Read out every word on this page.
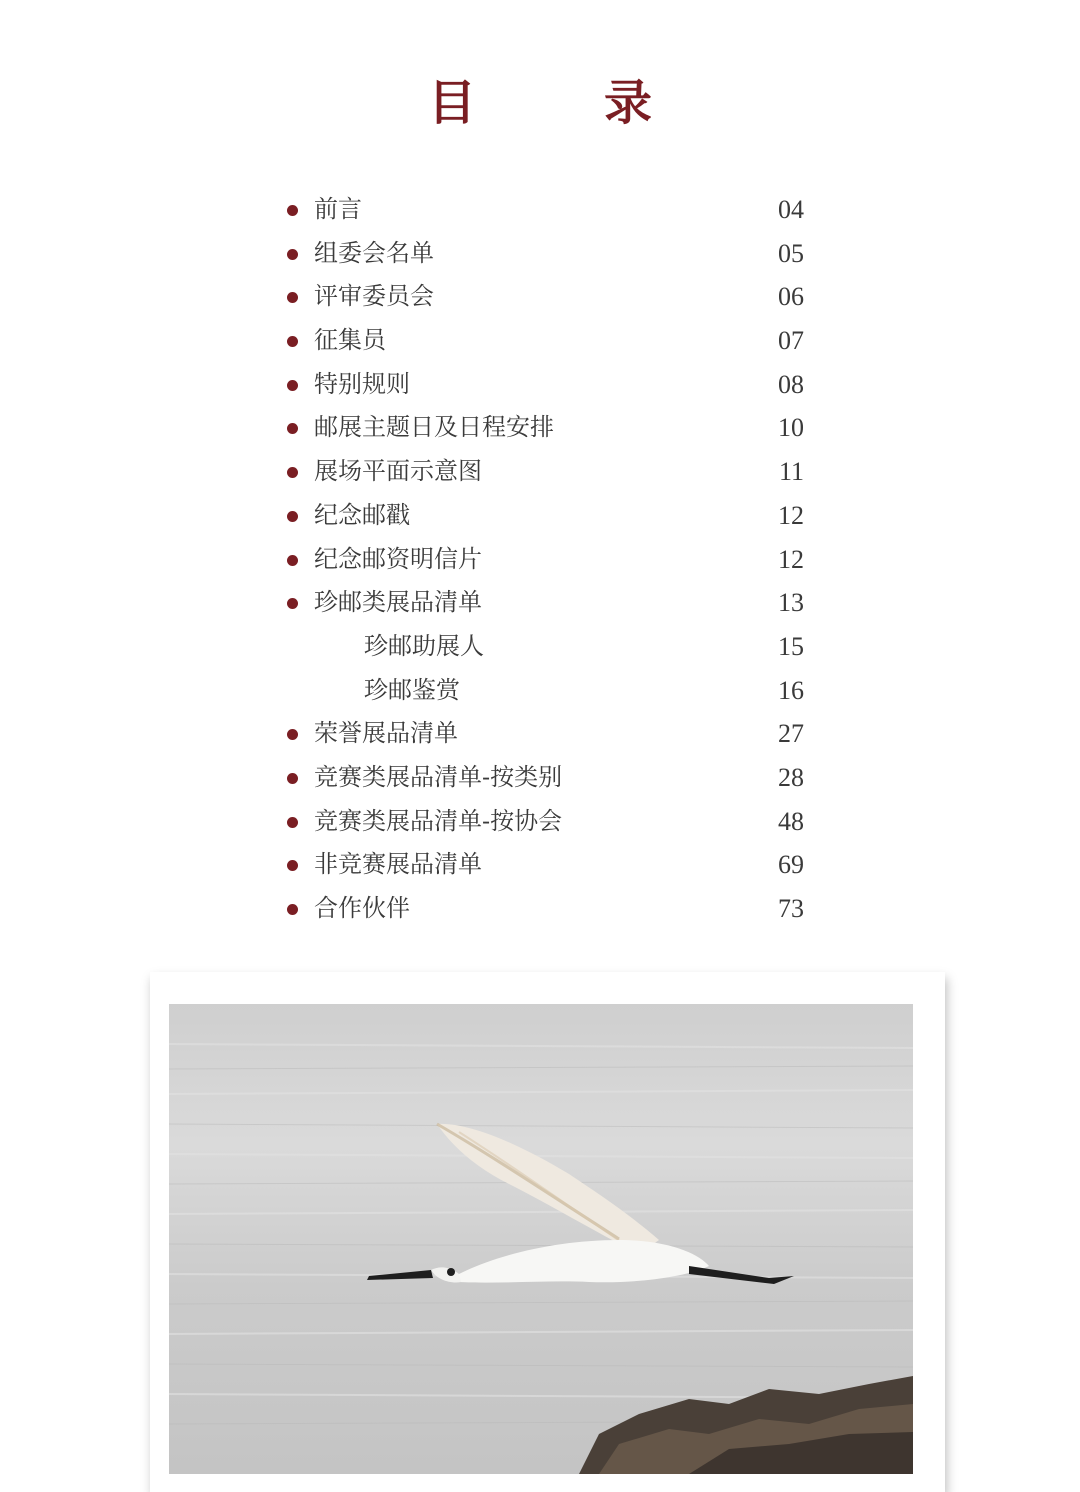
目　录
前言	04
组委会名单	05
评审委员会	06
征集员	07
特别规则	08
邮展主题日及日程安排	10
展场平面示意图	11
纪念邮戳	12
纪念邮资明信片	12
珍邮类展品清单	13
珍邮助展人	15
珍邮鉴赏	16
荣誉展品清单	27
竞赛类展品清单-按类别	28
竞赛类展品清单-按协会	48
非竞赛展品清单	69
合作伙伴	73
